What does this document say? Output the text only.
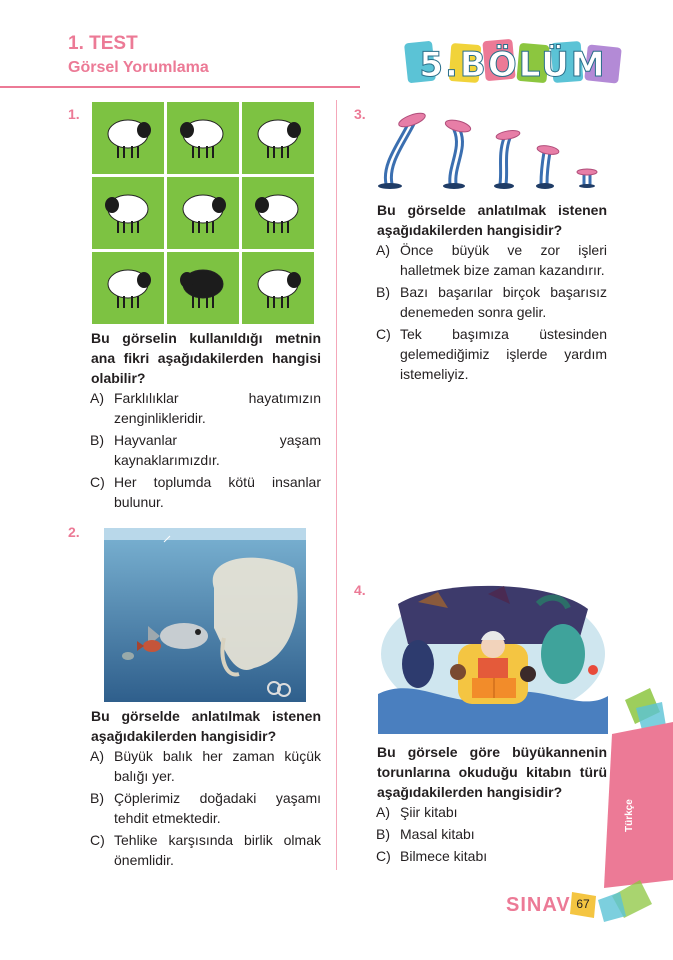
1. TEST
Görsel Yorumlama	5.BÖLÜM
1.
Bu görselin kullanıldığı metnin ana fikri aşağıdakilerden hangisi olabilir?
A) Farklılıklar hayatımızın zenginlikleridir.
B) Hayvanlar yaşam kaynaklarımızdır.
C) Her toplumda kötü insanlar bulunur.
2.
Bu görselde anlatılmak istenen aşağıdakilerden hangisidir?
A) Büyük balık her zaman küçük balığı yer.
B) Çöplerimiz doğadaki yaşamı tehdit etmektedir.
C) Tehlike karşısında birlik olmak önemlidir.
3.
Bu görselde anlatılmak istenen aşağıdakilerden hangisidir?
A) Önce büyük ve zor işleri halletmek bize zaman kazandırır.
B) Bazı başarılar birçok başarısız denemeden sonra gelir.
C) Tek başımıza üstesinden gelemediğimiz işlerde yardım istemeliyiz.
4.
Bu görsele göre büyükannenin torunlarına okuduğu kitabın türü aşağıdakilerden hangisidir?
A) Şiir kitabı
B) Masal kitabı
C) Bilmece kitabı
Türkçe
SINAV 67
